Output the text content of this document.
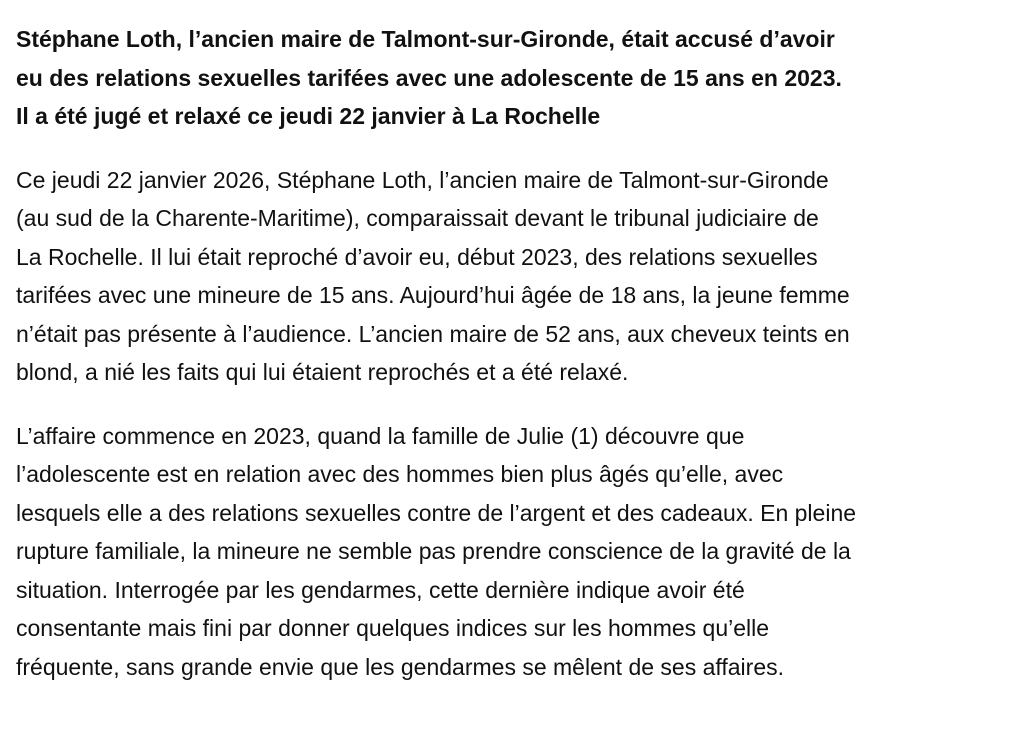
Stéphane Loth, l’ancien maire de Talmont-sur-Gironde, était accusé d’avoir
eu des relations sexuelles tarifées avec une adolescente de 15 ans en 2023.
Il a été jugé et relaxé ce jeudi 22 janvier à La Rochelle

Ce jeudi 22 janvier 2026, Stéphane Loth, l’ancien maire de Talmont-sur-Gironde
(au sud de la Charente-Maritime), comparaissait devant le tribunal judiciaire de
La Rochelle. Il lui était reproché d’avoir eu, début 2023, des relations sexuelles
tarifées avec une mineure de 15 ans. Aujourd’hui âgée de 18 ans, la jeune femme
n’était pas présente à l’audience. L’ancien maire de 52 ans, aux cheveux teints en
blond, a nié les faits qui lui étaient reprochés et a été relaxé.

L’affaire commence en 2023, quand la famille de Julie (1) découvre que
l’adolescente est en relation avec des hommes bien plus âgés qu’elle, avec
lesquels elle a des relations sexuelles contre de l’argent et des cadeaux. En pleine
rupture familiale, la mineure ne semble pas prendre conscience de la gravité de la
situation. Interrogée par les gendarmes, cette dernière indique avoir été
consentante mais fini par donner quelques indices sur les hommes qu’elle
fréquente, sans grande envie que les gendarmes se mêlent de ses affaires.
